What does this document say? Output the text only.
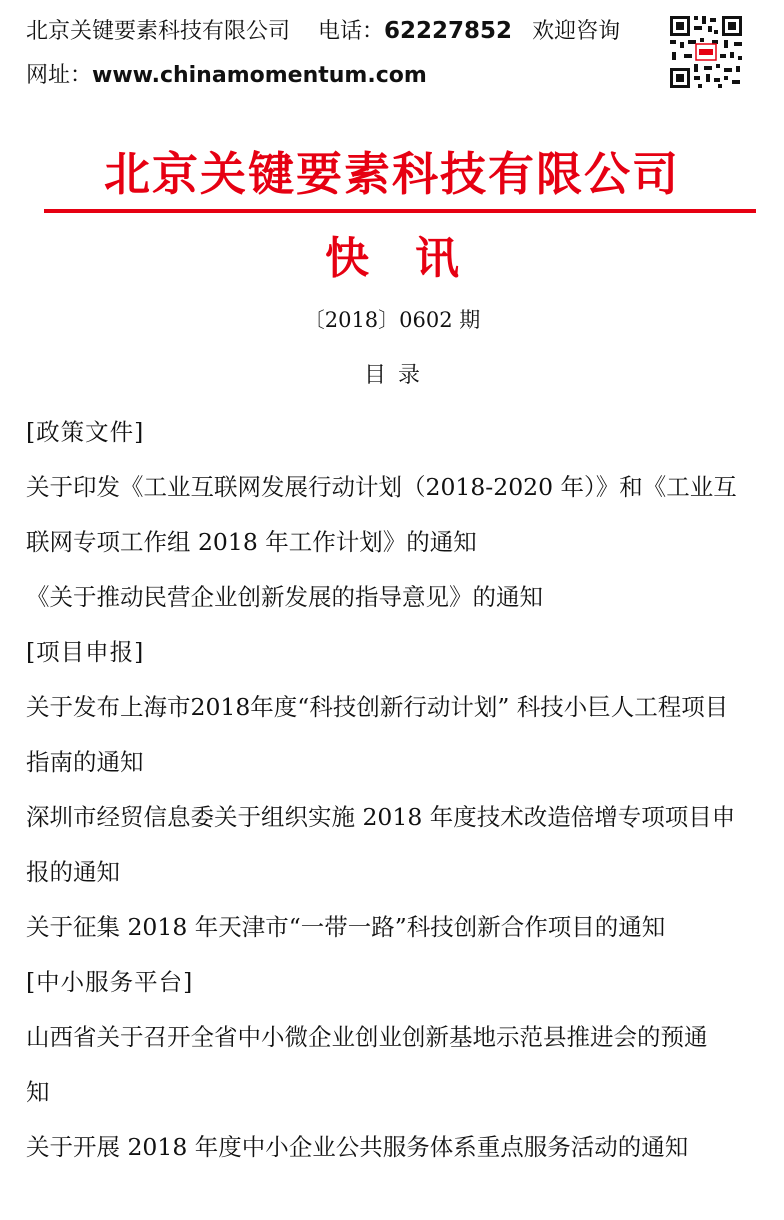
北京关键要素科技有限公司 电话：62227852 欢迎咨询
网址：www.chinamomentum.com
北京关键要素科技有限公司
快讯
〔2018〕0602 期
目录
[政策文件]
关于印发《工业互联网发展行动计划（2018-2020 年）》和《工业互
联网专项工作组 2018 年工作计划》的通知
《关于推动民营企业创新发展的指导意见》的通知
[项目申报]
关于发布上海市2018年度“科技创新行动计划” 科技小巨人工程项目
指南的通知
深圳市经贸信息委关于组织实施 2018 年度技术改造倍增专项项目申
报的通知
关于征集 2018 年天津市“一带一路”科技创新合作项目的通知
[中小服务平台]
山西省关于召开全省中小微企业创业创新基地示范县推进会的预通
知
关于开展 2018 年度中小企业公共服务体系重点服务活动的通知
